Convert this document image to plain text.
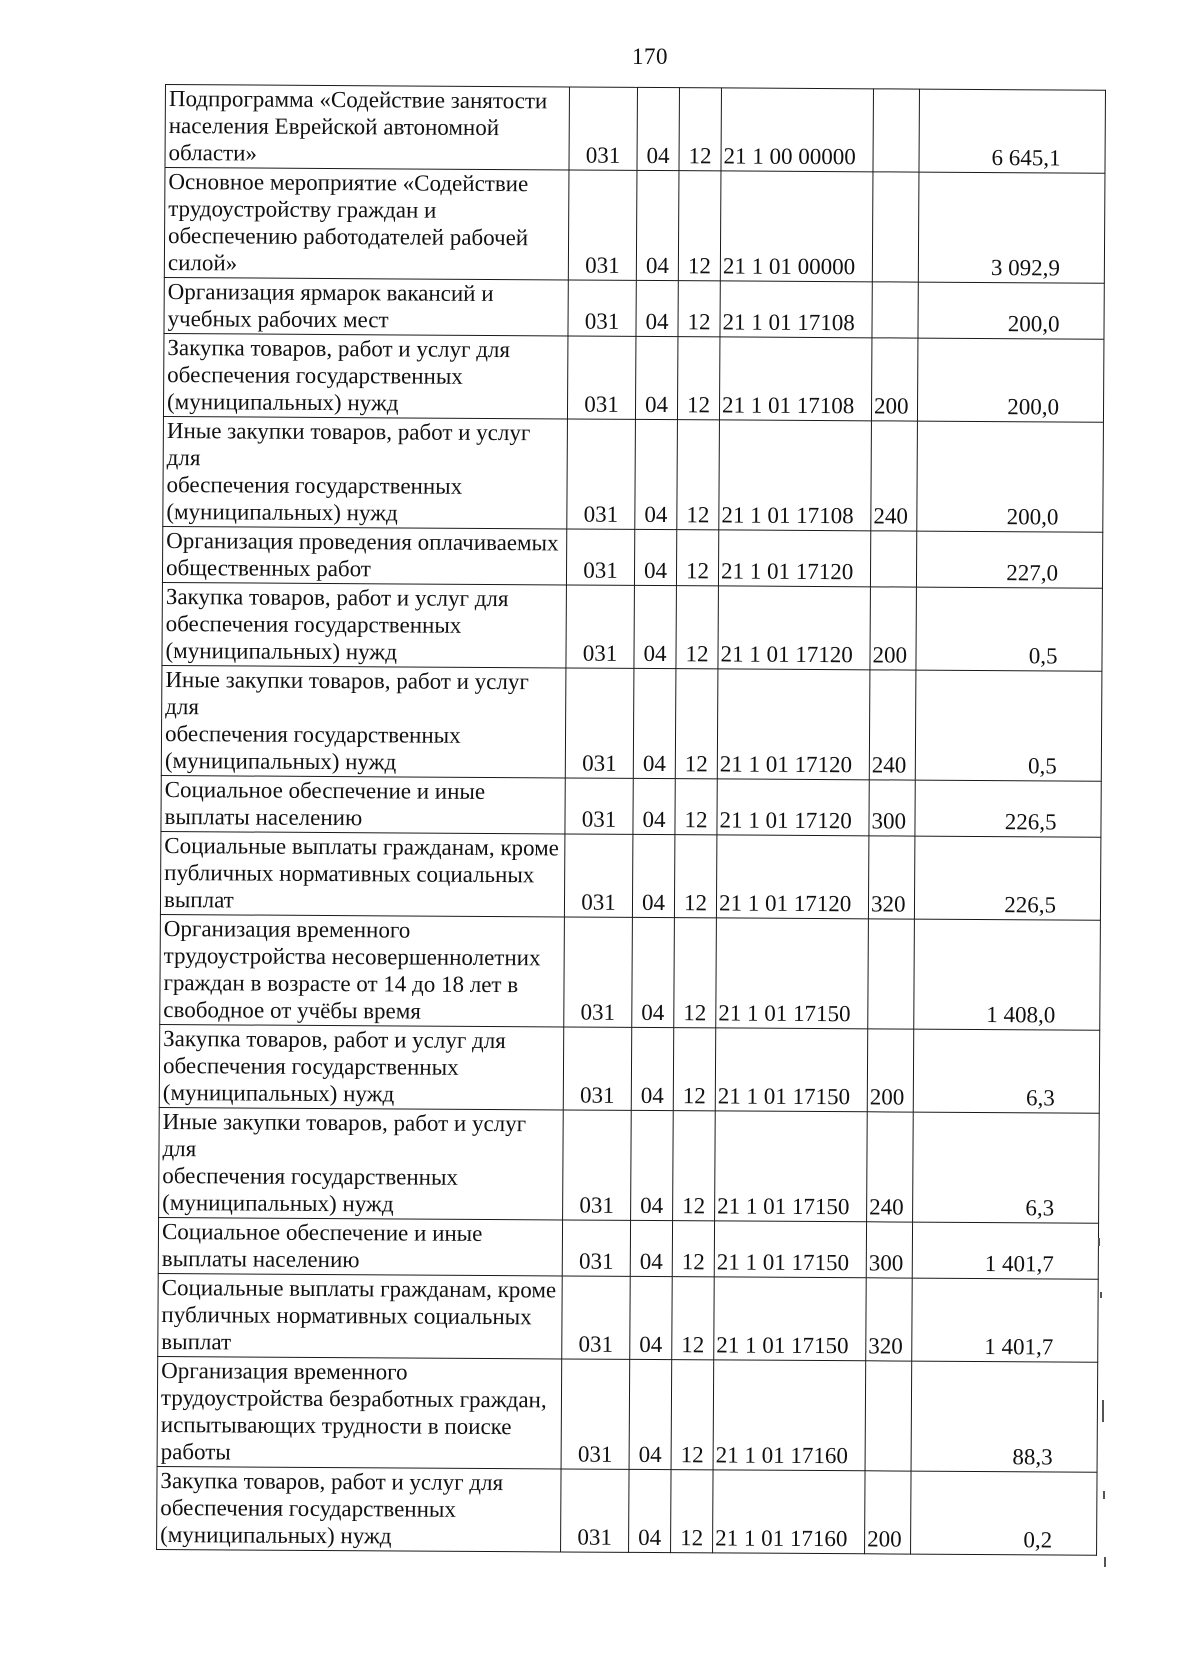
170
Подпрограмма «Содействие занятости
населения Еврейской автономной
области»	031	04	12	21 1 00 00000		6 645,1
Основное мероприятие «Содействие
трудоустройству граждан и
обеспечению работодателей рабочей
силой»	031	04	12	21 1 01 00000		3 092,9
Организация ярмарок вакансий и
учебных рабочих мест	031	04	12	21 1 01 17108		200,0
Закупка товаров, работ и услуг для
обеспечения государственных
(муниципальных) нужд	031	04	12	21 1 01 17108	200	200,0
Иные закупки товаров, работ и услуг для
обеспечения государственных
(муниципальных) нужд	031	04	12	21 1 01 17108	240	200,0
Организация проведения оплачиваемых
общественных работ	031	04	12	21 1 01 17120		227,0
Закупка товаров, работ и услуг для
обеспечения государственных
(муниципальных) нужд	031	04	12	21 1 01 17120	200	0,5
Иные закупки товаров, работ и услуг для
обеспечения государственных
(муниципальных) нужд	031	04	12	21 1 01 17120	240	0,5
Социальное обеспечение и иные
выплаты населению	031	04	12	21 1 01 17120	300	226,5
Социальные выплаты гражданам, кроме
публичных нормативных социальных
выплат	031	04	12	21 1 01 17120	320	226,5
Организация временного
трудоустройства несовершеннолетних
граждан в возрасте от 14 до 18 лет в
свободное от учёбы время	031	04	12	21 1 01 17150		1 408,0
Закупка товаров, работ и услуг для
обеспечения государственных
(муниципальных) нужд	031	04	12	21 1 01 17150	200	6,3
Иные закупки товаров, работ и услуг для
обеспечения государственных
(муниципальных) нужд	031	04	12	21 1 01 17150	240	6,3
Социальное обеспечение и иные
выплаты населению	031	04	12	21 1 01 17150	300	1 401,7
Социальные выплаты гражданам, кроме
публичных нормативных социальных
выплат	031	04	12	21 1 01 17150	320	1 401,7
Организация временного
трудоустройства безработных граждан,
испытывающих трудности в поиске
работы	031	04	12	21 1 01 17160		88,3
Закупка товаров, работ и услуг для
обеспечения государственных
(муниципальных) нужд	031	04	12	21 1 01 17160	200	0,2
